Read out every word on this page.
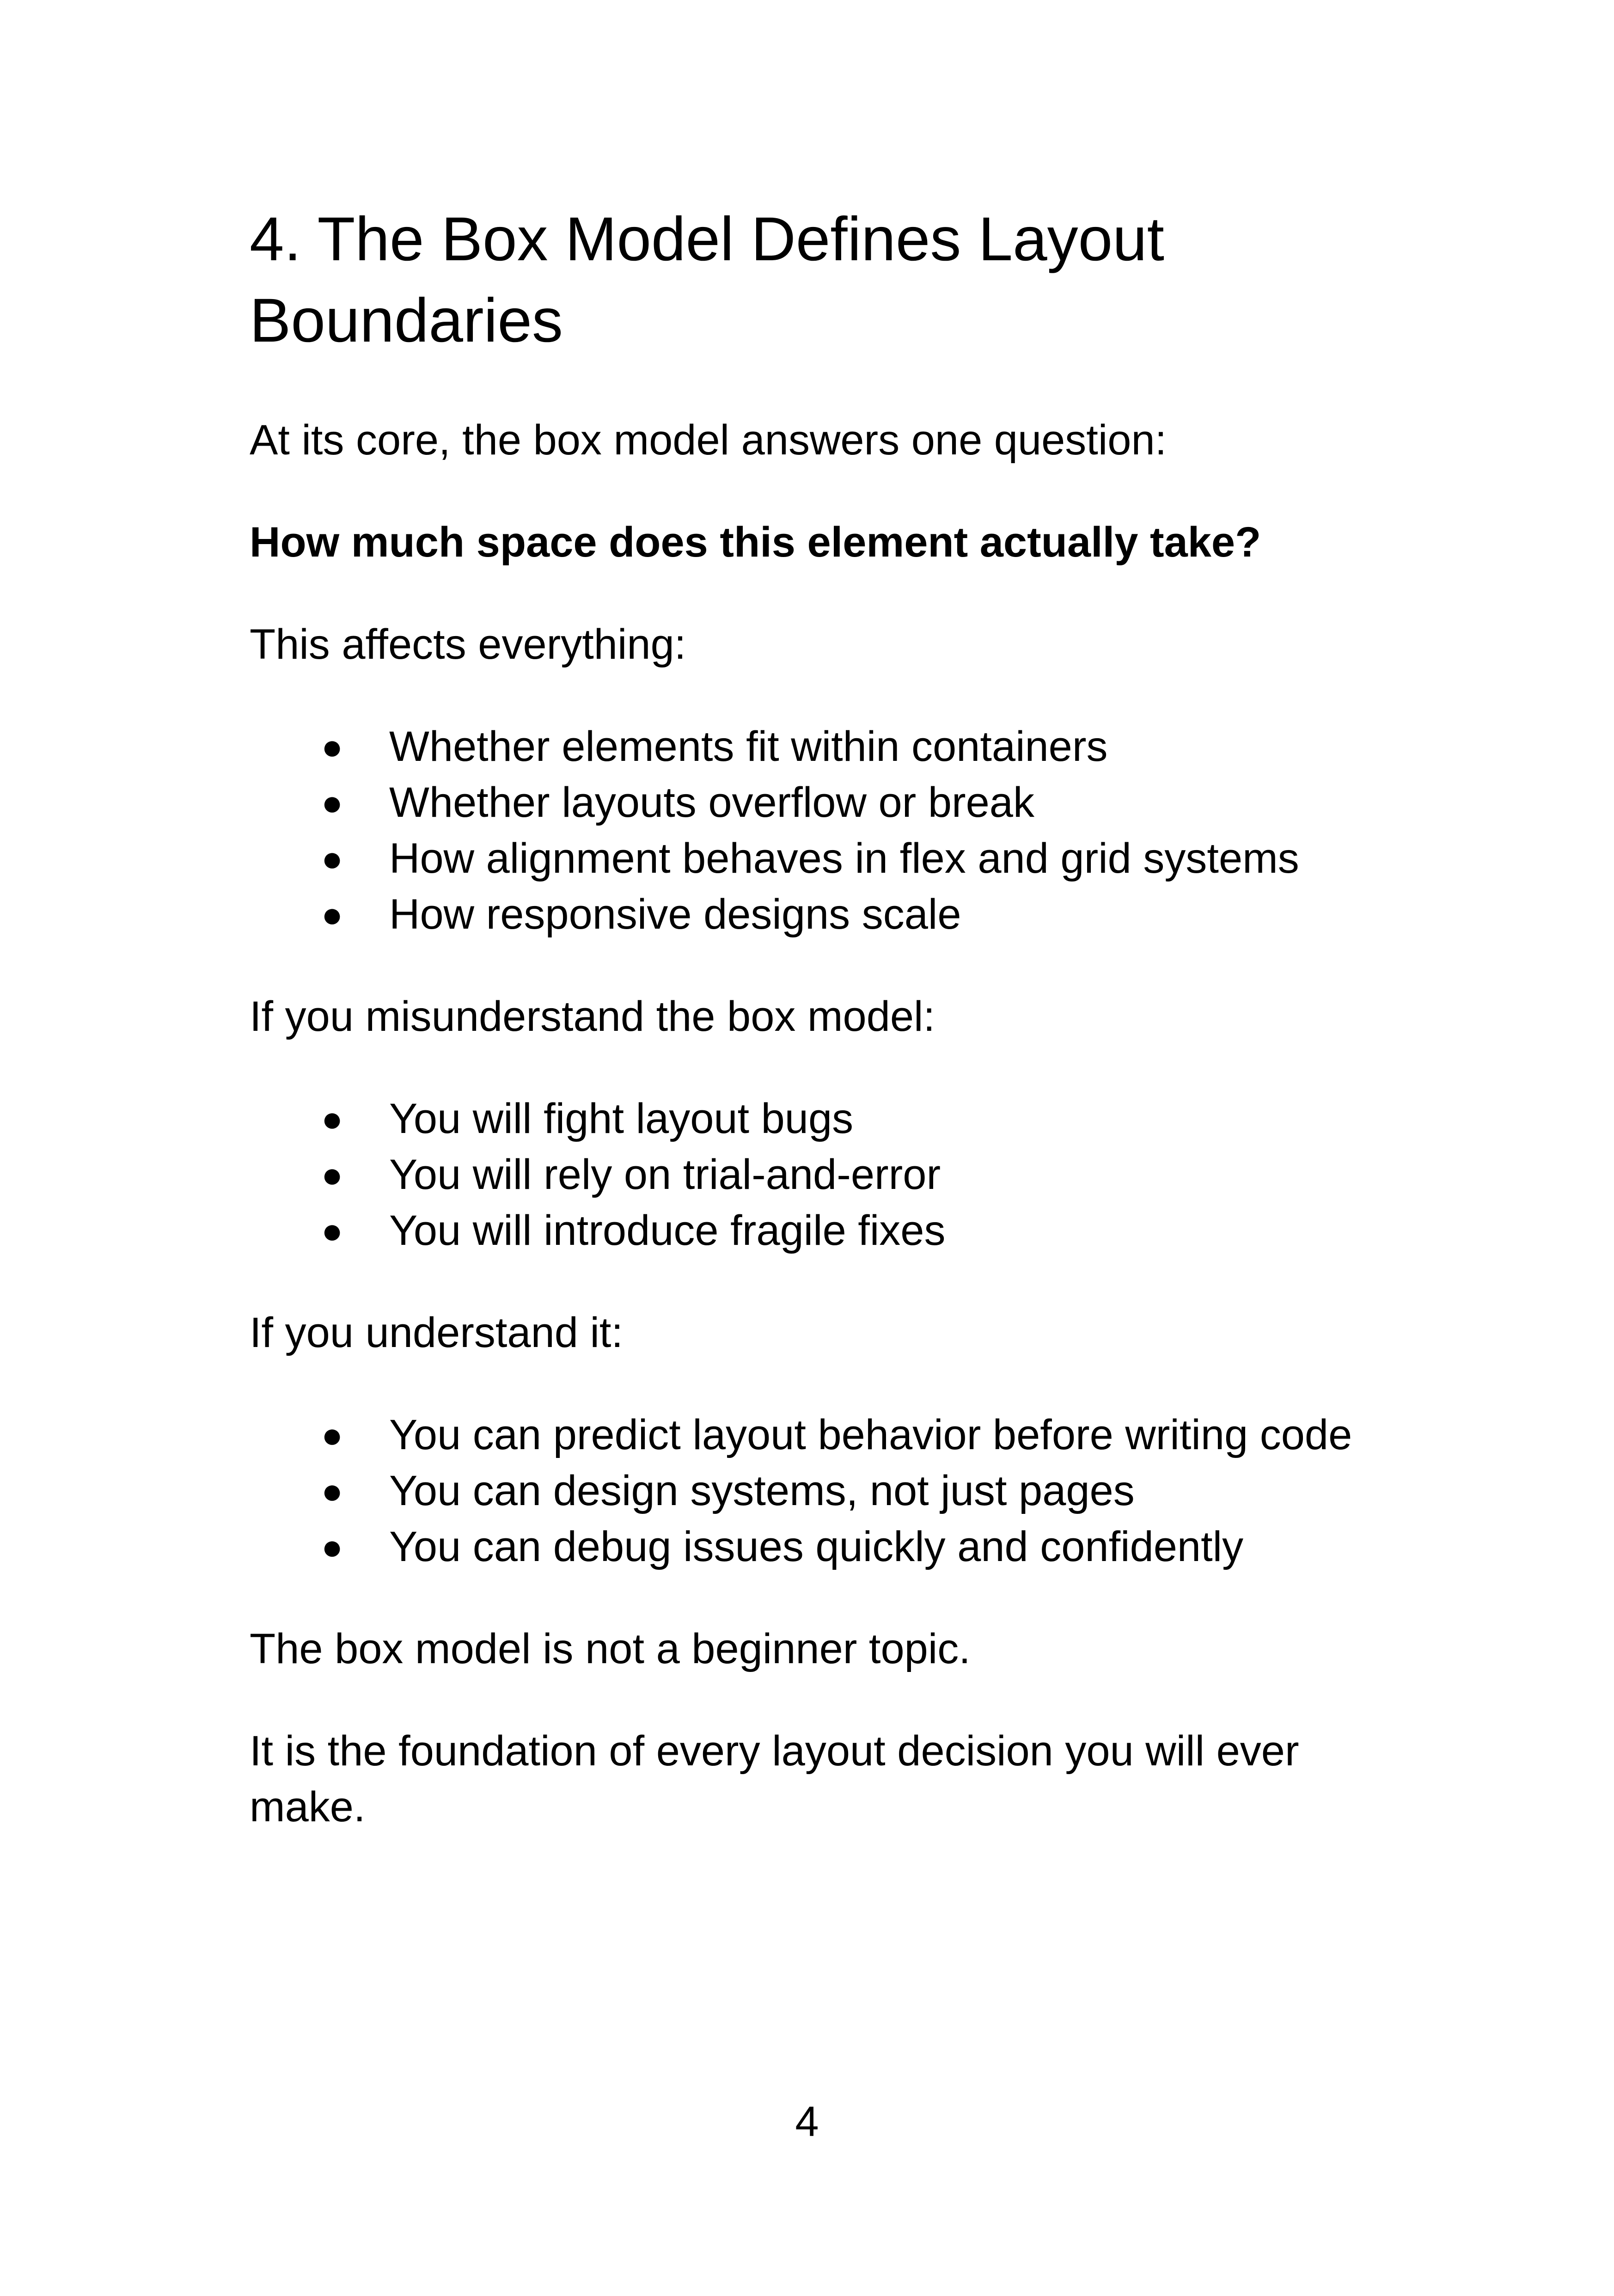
4. The Box Model Defines Layout Boundaries

At its core, the box model answers one question:

How much space does this element actually take?

This affects everything:

● Whether elements fit within containers
● Whether layouts overflow or break
● How alignment behaves in flex and grid systems
● How responsive designs scale

If you misunderstand the box model:

● You will fight layout bugs
● You will rely on trial-and-error
● You will introduce fragile fixes

If you understand it:

● You can predict layout behavior before writing code
● You can design systems, not just pages
● You can debug issues quickly and confidently

The box model is not a beginner topic.

It is the foundation of every layout decision you will ever make.

4
